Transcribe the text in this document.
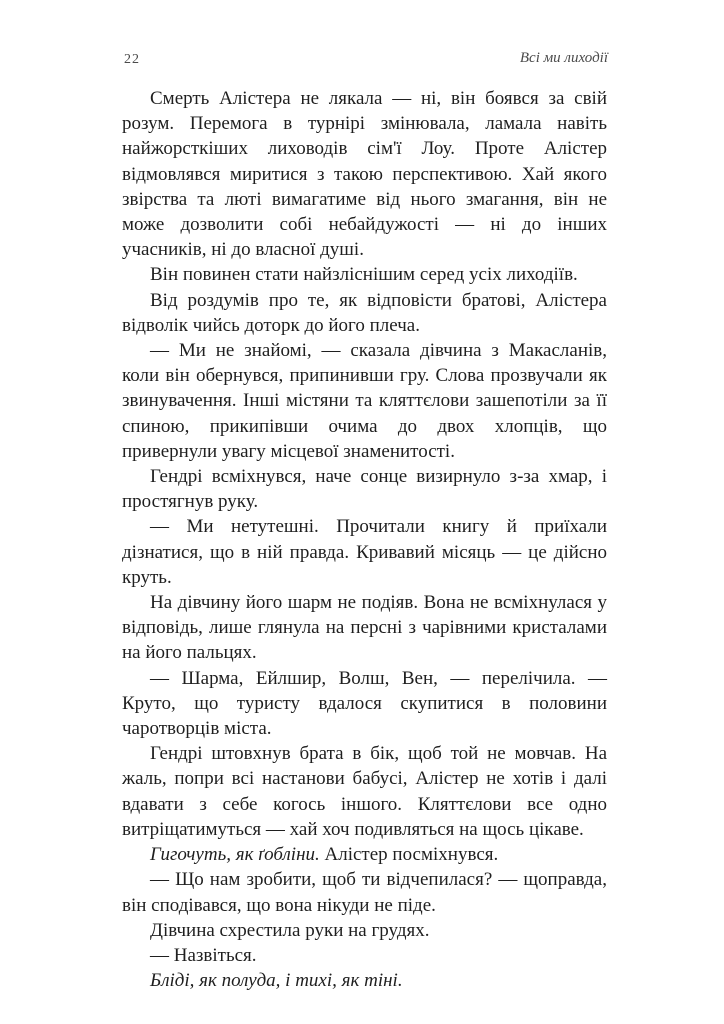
22	Всі ми лиходії

Смерть Алістера не лякала — ні, він боявся за свій розум. Перемога в турнірі змінювала, ламала навіть найжорсткіших лиховодів сім'ї Лоу. Проте Алістер відмовлявся миритися з такою перспективою. Хай якого звірства та люті вимагатиме від нього змагання, він не може дозволити собі небайдужості — ні до інших учасників, ні до власної душі.

Він повинен стати найзліснішим серед усіх лиходіїв.

Від роздумів про те, як відповісти братові, Алістера відволік чийсь доторк до його плеча.

— Ми не знайомі, — сказала дівчина з Макасланів, коли він обернувся, припинивши гру. Слова прозвучали як звинувачення. Інші містяни та кляттєлови зашепотіли за її спиною, прикипівши очима до двох хлопців, що привернули увагу місцевої знаменитості.

Гендрі всміхнувся, наче сонце визирнуло з-за хмар, і простягнув руку.

— Ми нетутешні. Прочитали книгу й приїхали дізнатися, що в ній правда. Кривавий місяць — це дійсно круть.

На дівчину його шарм не подіяв. Вона не всміхнулася у відповідь, лише глянула на персні з чарівними кристалами на його пальцях.

— Шарма, Ейлшир, Волш, Вен, — перелічила. — Круто, що туристу вдалося скупитися в половини чаротворців міста.

Гендрі штовхнув брата в бік, щоб той не мовчав. На жаль, попри всі настанови бабусі, Алістер не хотів і далі вдавати з себе когось іншого. Кляттєлови все одно витріщатимуться — хай хоч подивляться на щось цікаве.

Гигочуть, як ґобліни. Алістер посміхнувся.

— Що нам зробити, щоб ти відчепилася? — щоправда, він сподівався, що вона нікуди не піде.

Дівчина схрестила руки на грудях.

— Назвіться.

Бліді, як полуда, і тихі, як тіні.
